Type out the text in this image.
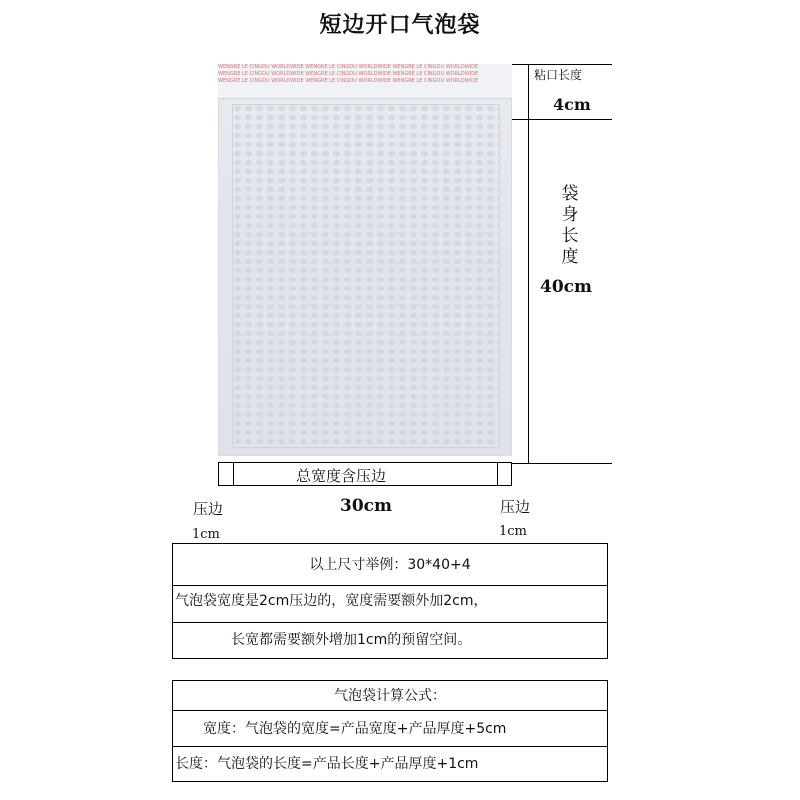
短边开口气泡袋
WENGRE LE CINGOU WORLDWIDE WENGRE LE CINGOU WORLDWIDE WENGRE LE CINGOU WORLDWIDE
WENGRE LE CINGOU WORLDWIDE WENGRE LE CINGOU WORLDWIDE WENGRE LE CINGOU WORLDWIDE
WENGRE LE CINGOU WORLDWIDE WENGRE LE CINGOU WORLDWIDE WENGRE LE CINGOU WORLDWIDE	粘口长度
4cm
袋身长度
40cm
总宽度含压边
30cm
压边
1cm
压边
1cm
以上尺寸举例：30*40+4
气泡袋宽度是2cm压边的，宽度需要额外加2cm，
长宽都需要额外增加1cm的预留空间。
气泡袋计算公式：
宽度：气泡袋的宽度=产品宽度+产品厚度+5cm
长度：气泡袋的长度=产品长度+产品厚度+1cm
